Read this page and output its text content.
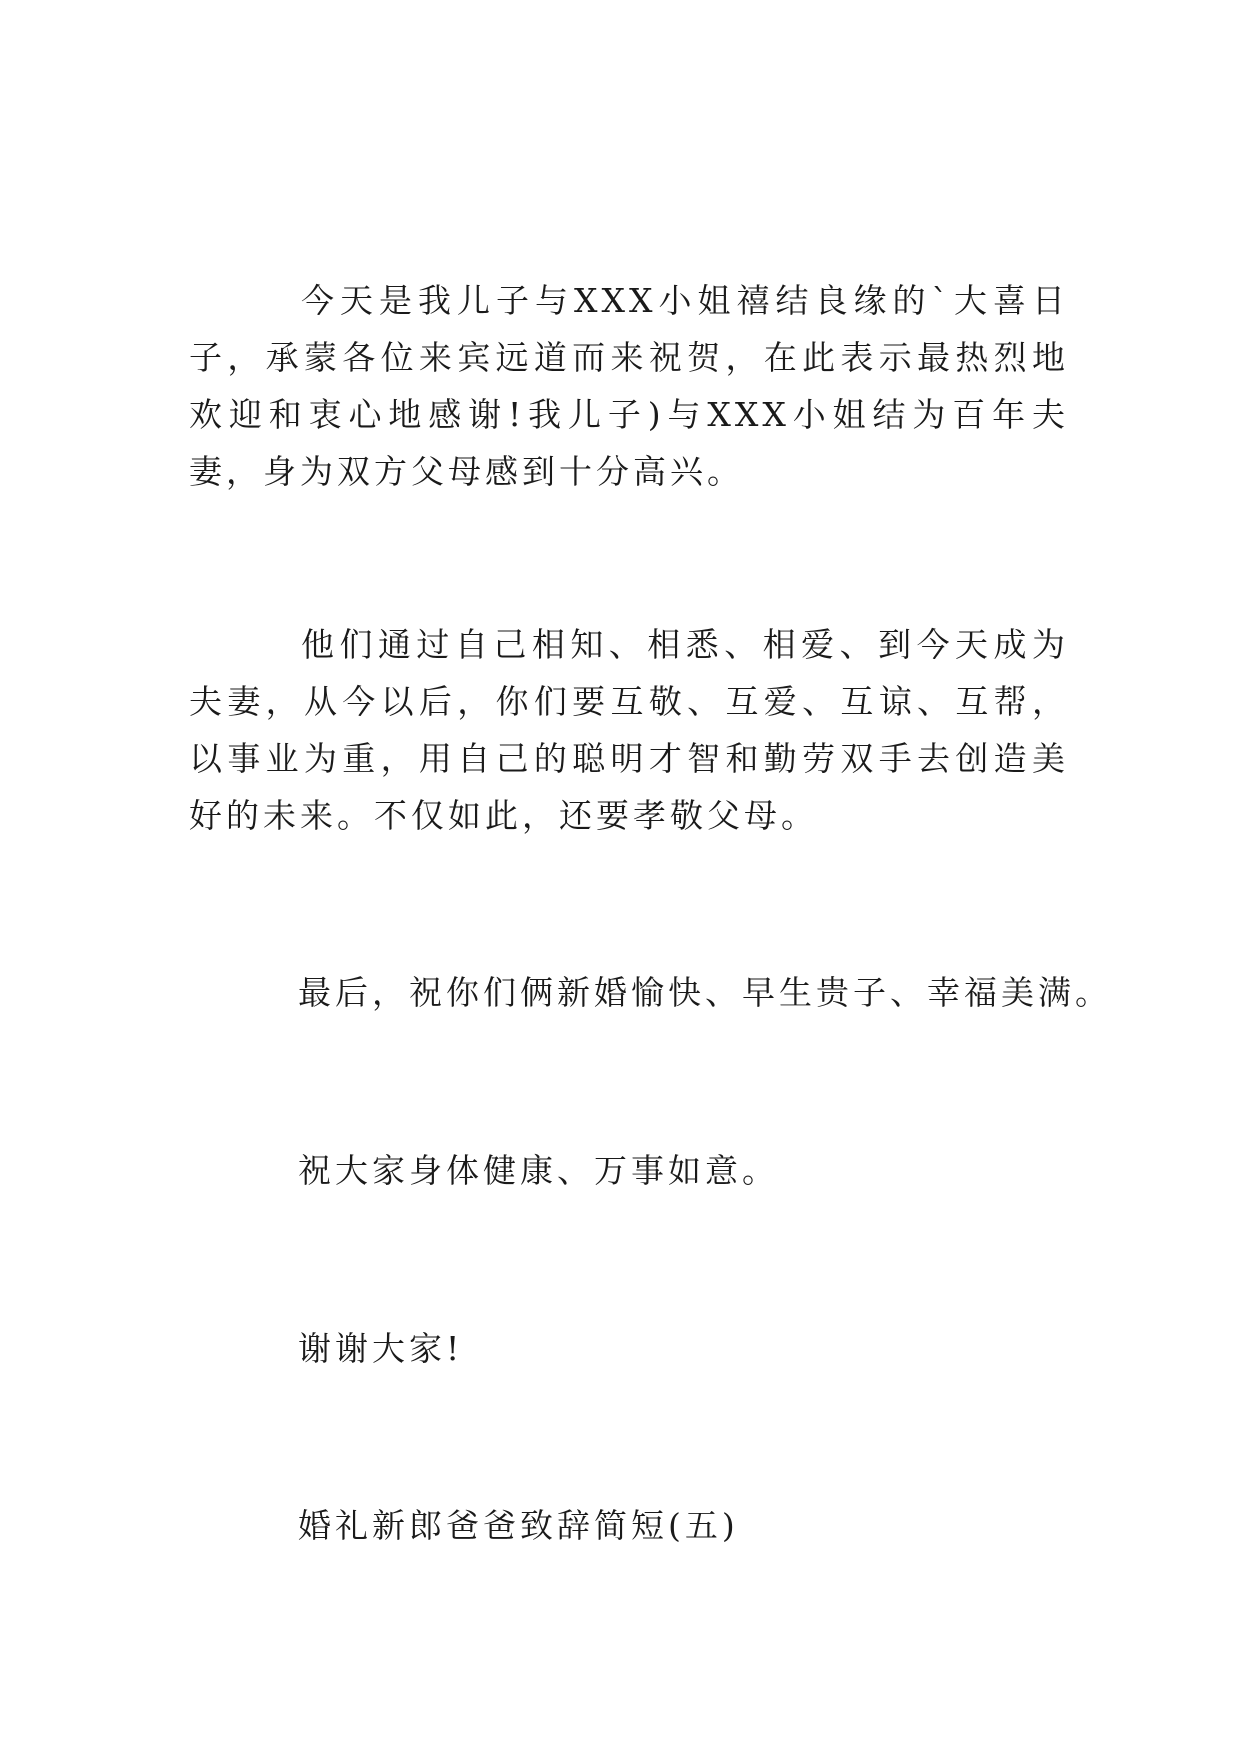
今天是我儿子与XXX小姐禧结良缘的`大喜日子，承蒙各位来宾远道而来祝贺，在此表示最热烈地欢迎和衷心地感谢!我儿子)与XXX小姐结为百年夫妻，身为双方父母感到十分高兴。

他们通过自己相知、相悉、相爱、到今天成为夫妻，从今以后，你们要互敬、互爱、互谅、互帮，以事业为重，用自己的聪明才智和勤劳双手去创造美好的未来。不仅如此，还要孝敬父母。

最后，祝你们俩新婚愉快、早生贵子、幸福美满。

祝大家身体健康、万事如意。

谢谢大家!

婚礼新郎爸爸致辞简短(五)
